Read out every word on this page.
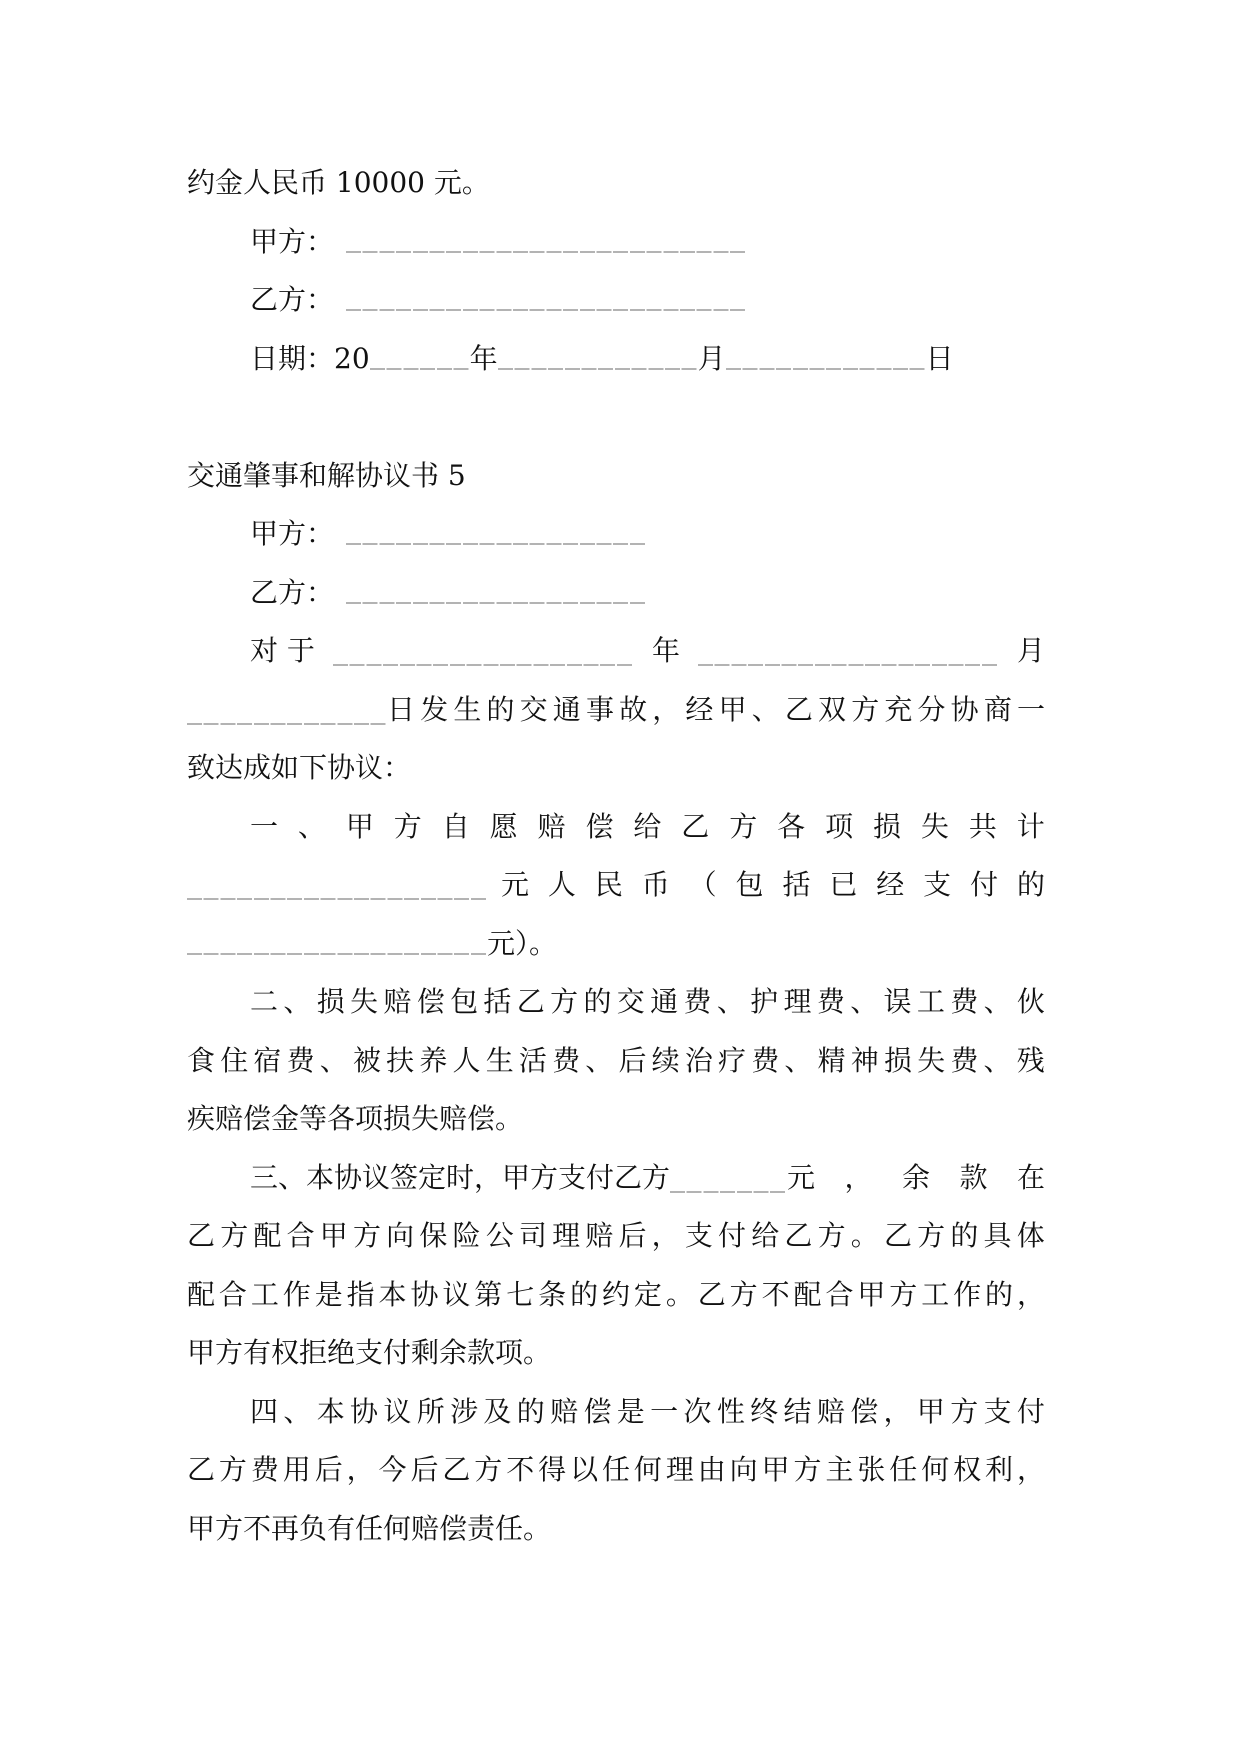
约金人民币 10000 元。
甲方：
乙方：
日期：20	年	月	日
交通肇事和解协议书 5
甲方：
乙方：
对 于	年	月
日 发 生 的 交 通 事 故 ， 经 甲 、 乙 双 方 充 分 协 商 一
致达成如下协议：
一 、 甲 方 自 愿 赔 偿 给 乙 方 各 项 损 失 共 计
元 人 民 币 （ 包 括 已 经 支 付 的
元）。
二 、 损 失 赔 偿 包 括 乙 方 的 交 通 费 、 护 理 费 、 误 工 费 、 伙
食 住 宿 费 、 被 扶 养 人 生 活 费 、 后 续 治 疗 费 、 精 神 损 失 费 、 残
疾赔偿金等各项损失赔偿。
三、本协议签定时，甲方支付乙方	元 ， 余 款 在
乙 方 配 合 甲 方 向 保 险 公 司 理 赔 后 ， 支 付 给 乙 方 。 乙 方 的 具 体
配 合 工 作 是 指 本 协 议 第 七 条 的 约 定 。 乙 方 不 配 合 甲 方 工 作 的 ，
甲方有权拒绝支付剩余款项。
四 、 本 协 议 所 涉 及 的 赔 偿 是 一 次 性 终 结 赔 偿 ， 甲 方 支 付
乙 方 费 用 后 ， 今 后 乙 方 不 得 以 任 何 理 由 向 甲 方 主 张 任 何 权 利 ，
甲方不再负有任何赔偿责任。
